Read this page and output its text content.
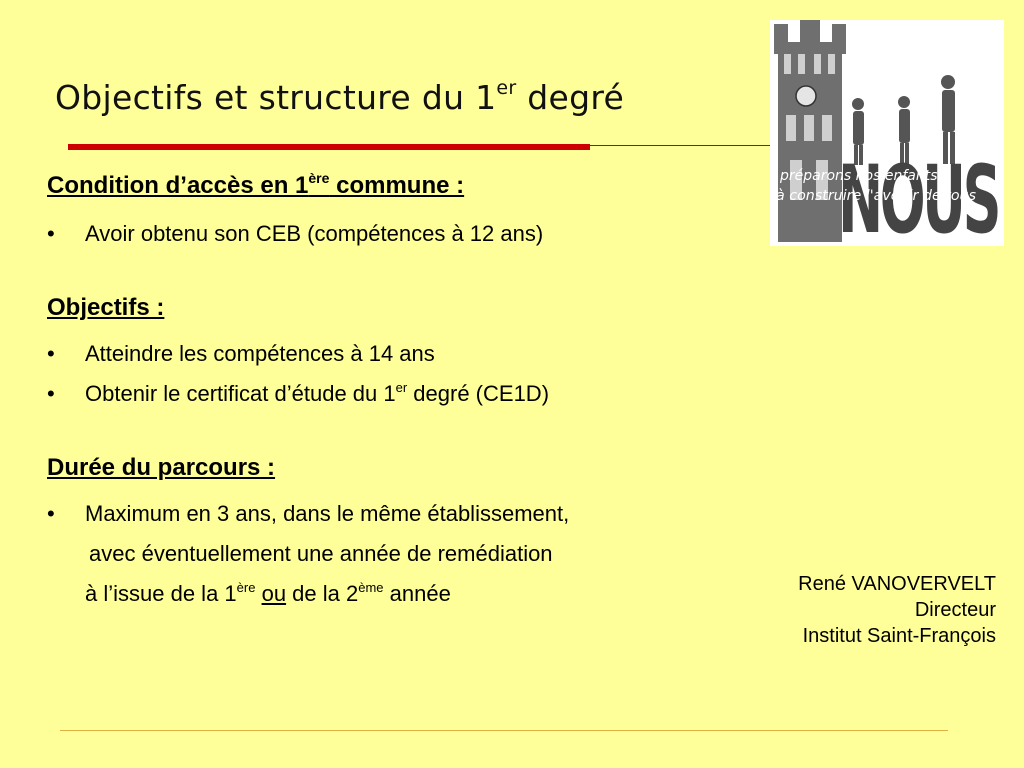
Objectifs et structure du 1er degré
NOUS
préparons nos enfants
à construire l'avenir de tous
Condition d’accès en 1ère commune :
• Avoir obtenu son CEB (compétences à 12 ans)
Objectifs :
• Atteindre les compétences à 14 ans
• Obtenir le certificat d’étude du 1er degré (CE1D)
Durée du parcours :
• Maximum en 3 ans, dans le même établissement,
avec éventuellement une année de remédiation
à l’issue de la 1ère ou de la 2ème année	René VANOVERVELT
Directeur
Institut Saint-François
